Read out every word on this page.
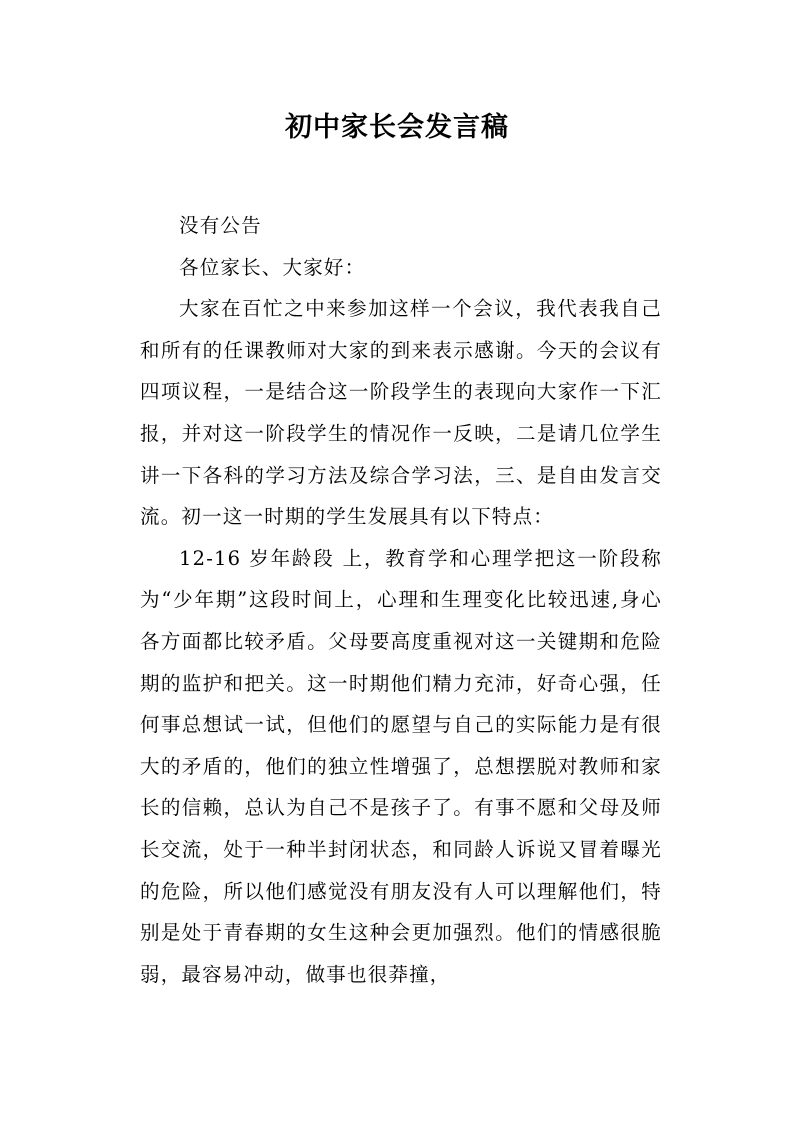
初中家长会发言稿

没有公告

各位家长、大家好：

大家在百忙之中来参加这样一个会议，我代表我自己和所有的任课教师对大家的到来表示感谢。今天的会议有四项议程，一是结合这一阶段学生的表现向大家作一下汇报，并对这一阶段学生的情况作一反映，二是请几位学生讲一下各科的学习方法及综合学习法，三、是自由发言交流。初一这一时期的学生发展具有以下特点：

12-16 岁年龄段 上，教育学和心理学把这一阶段称为“少年期”这段时间上，心理和生理变化比较迅速,身心各方面都比较矛盾。父母要高度重视对这一关键期和危险期的监护和把关。这一时期他们精力充沛，好奇心强，任何事总想试一试，但他们的愿望与自己的实际能力是有很大的矛盾的，他们的独立性增强了，总想摆脱对教师和家长的信赖，总认为自己不是孩子了。有事不愿和父母及师长交流，处于一种半封闭状态，和同龄人诉说又冒着曝光的危险，所以他们感觉没有朋友没有人可以理解他们，特别是处于青春期的女生这种会更加强烈。他们的情感很脆弱，最容易冲动，做事也很莽撞，
